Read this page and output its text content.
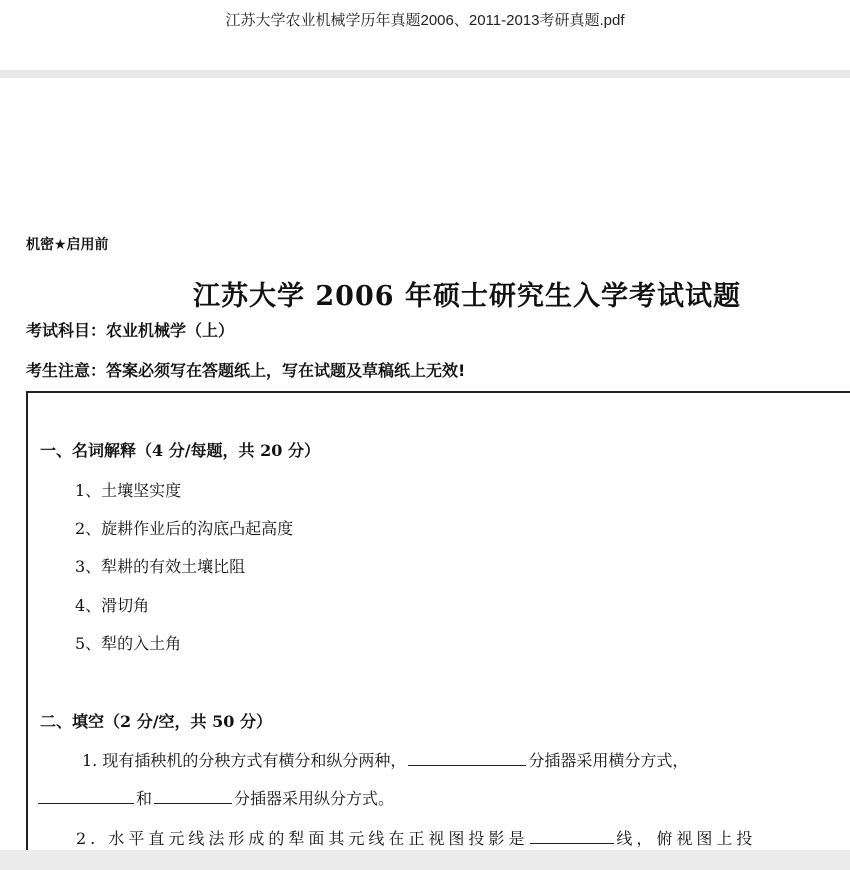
江苏大学农业机械学历年真题2006、2011-2013考研真题.pdf
机密★启用前
江苏大学 2006 年硕士研究生入学考试试题
考试科目：农业机械学（上）
考生注意：答案必须写在答题纸上，写在试题及草稿纸上无效!
一、名词解释（4 分/每题，共 20 分）
1、土壤坚实度
2、旋耕作业后的沟底凸起高度
3、犁耕的有效土壤比阻
4、滑切角
5、犁的入土角
二、填空（2 分/空，共 50 分）
1. 现有插秧机的分秧方式有横分和纵分两种，	分插器采用横分方式，
和	分插器采用纵分方式。
2. 水平直元线法形成的犁面其元线在正视图投影是	线，俯视图上投
